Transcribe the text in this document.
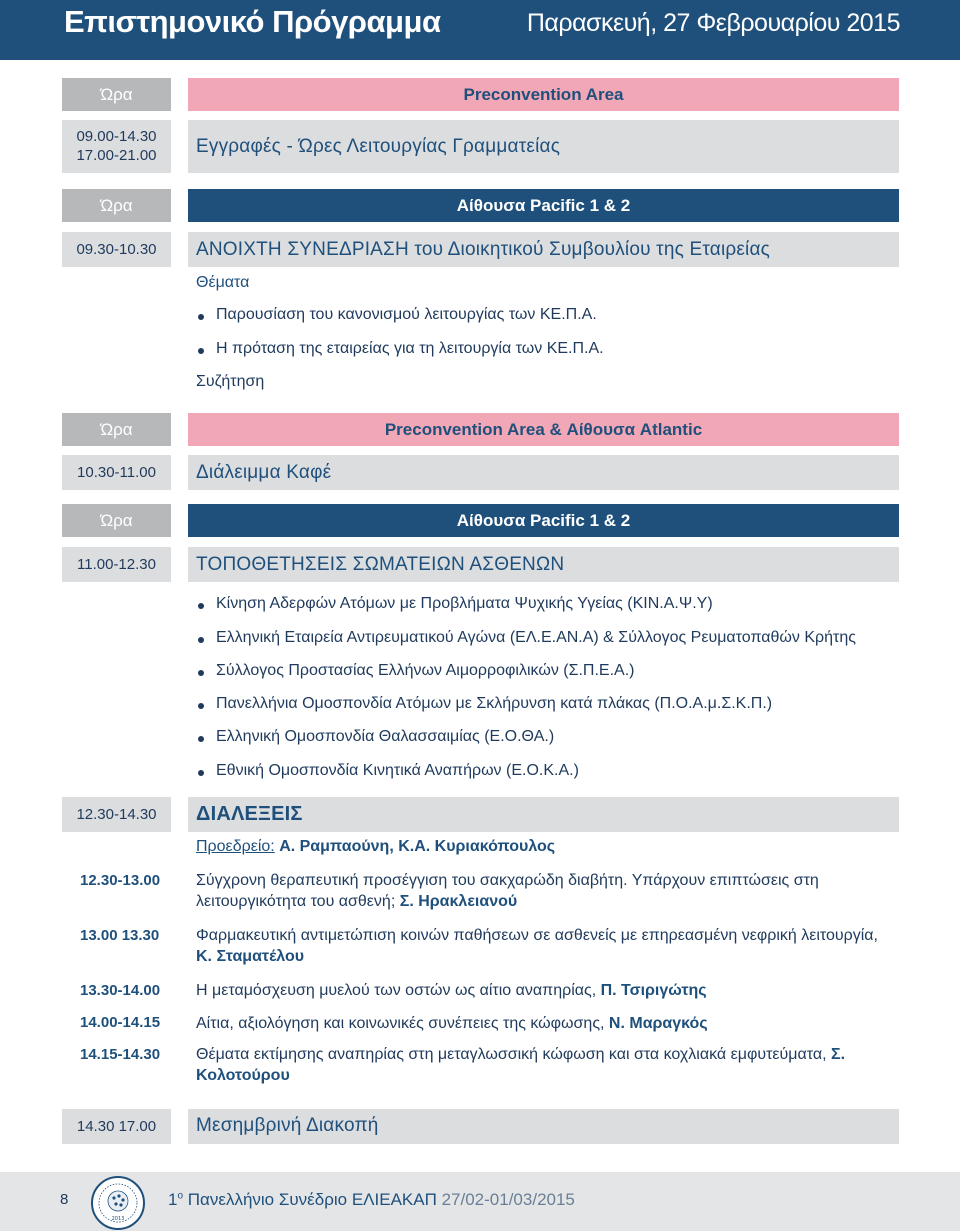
Επιστημονικό Πρόγραμμα	Παρασκευή, 27 Φεβρουαρίου 2015
Ώρα	Preconvention Area
09.00-14.30
17.00-21.00	Εγγραφές - Ώρες Λειτουργίας Γραμματείας
Ώρα	Αίθουσα Pacific 1 & 2
09.30-10.30	ΑΝΟΙΧΤΗ ΣΥΝΕΔΡΙΑΣΗ του Διοικητικού Συμβουλίου της Εταιρείας
Θέματα
Παρουσίαση του κανονισμού λειτουργίας των ΚΕ.Π.Α.
Η πρόταση της εταιρείας για τη λειτουργία των ΚΕ.Π.Α.
Συζήτηση
Ώρα	Preconvention Area & Αίθουσα Atlantic
10.30-11.00	Διάλειμμα Καφέ
Ώρα	Αίθουσα Pacific 1 & 2
11.00-12.30	ΤΟΠΟΘΕΤΗΣΕΙΣ ΣΩΜΑΤΕΙΩΝ ΑΣΘΕΝΩΝ
Κίνηση Αδερφών Ατόμων με Προβλήματα Ψυχικής Υγείας (ΚΙΝ.Α.Ψ.Υ)
Ελληνική Εταιρεία Αντιρευματικού Αγώνα (ΕΛ.Ε.ΑΝ.Α) & Σύλλογος Ρευματοπαθών Κρήτης
Σύλλογος Προστασίας Ελλήνων Αιμορροφιλικών (Σ.Π.Ε.Α.)
Πανελλήνια Ομοσπονδία Ατόμων με Σκλήρυνση κατά πλάκας (Π.Ο.Α.μ.Σ.Κ.Π.)
Ελληνική Ομοσπονδία Θαλασσαιμίας (Ε.Ο.ΘΑ.)
Εθνική Ομοσπονδία Κινητικά Αναπήρων (Ε.Ο.Κ.Α.)
12.30-14.30	ΔΙΑΛΕΞΕΙΣ
Προεδρείο: Α. Ραμπαούνη, Κ.Α. Κυριακόπουλος
12.30-13.00 Σύγχρονη θεραπευτική προσέγγιση του σακχαρώδη διαβήτη. Υπάρχουν επιπτώσεις στη λειτουργικότητα του ασθενή; Σ. Ηρακλειανού
13.00 13.30 Φαρμακευτική αντιμετώπιση κοινών παθήσεων σε ασθενείς με επηρεασμένη νεφρική λειτουργία, Κ. Σταματέλου
13.30-14.00 Η μεταμόσχευση μυελού των οστών ως αίτιο αναπηρίας, Π. Τσιριγώτης
14.00-14.15 Αίτια, αξιολόγηση και κοινωνικές συνέπειες της κώφωσης, Ν. Μαραγκός
14.15-14.30 Θέματα εκτίμησης αναπηρίας στη μεταγλωσσική κώφωση και στα κοχλιακά εμφυτεύματα, Σ. Κολοτούρου
14.30 17.00	Μεσημβρινή Διακοπή
8
2013
$1^o$ Πανελλήνιο Συνέδριο ΕΛΙΕΑΚΑΠ 27/02-01/03/2015
